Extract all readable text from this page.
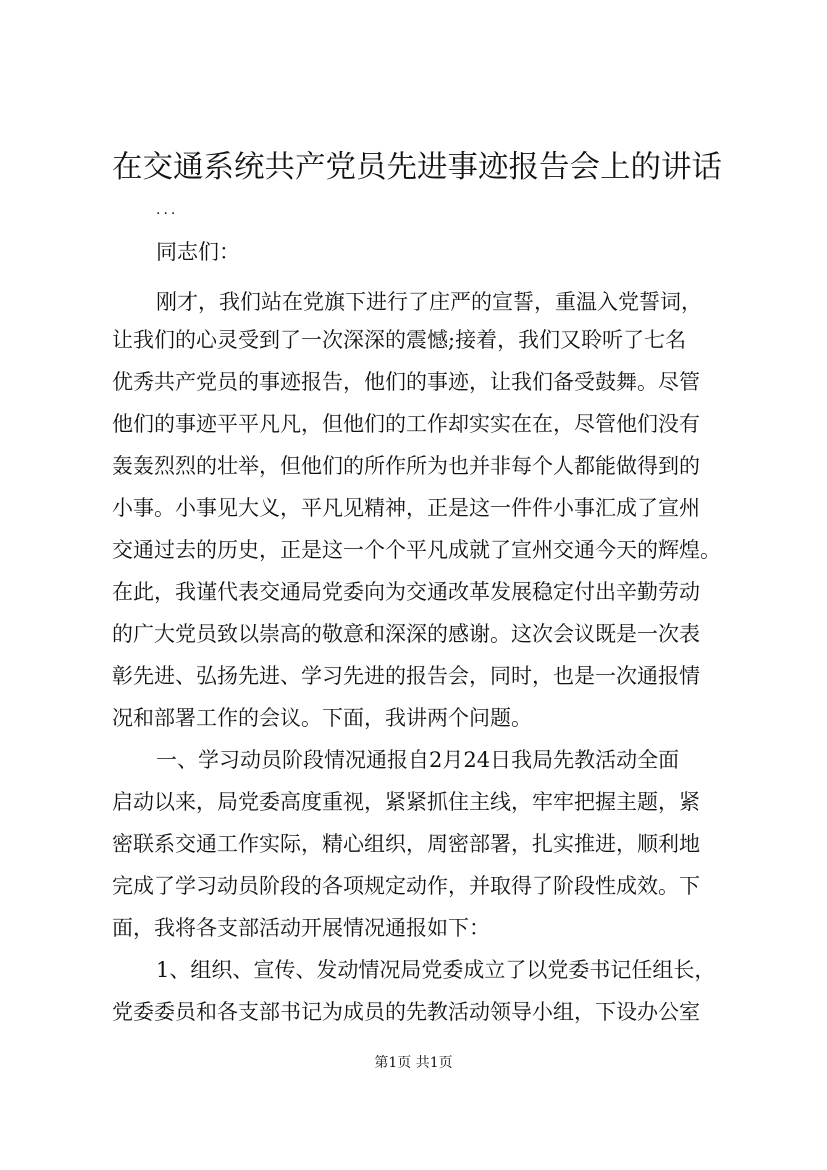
在交通系统共产党员先进事迹报告会上的讲话
...
同志们：
刚才，我们站在党旗下进行了庄严的宣誓，重温入党誓词，
让我们的心灵受到了一次深深的震憾;接着，我们又聆听了七名
优秀共产党员的事迹报告，他们的事迹，让我们备受鼓舞。尽管
他们的事迹平平凡凡，但他们的工作却实实在在，尽管他们没有
轰轰烈烈的壮举，但他们的所作所为也并非每个人都能做得到的
小事。小事见大义，平凡见精神，正是这一件件小事汇成了宣州
交通过去的历史，正是这一个个平凡成就了宣州交通今天的辉煌。
在此，我谨代表交通局党委向为交通改革发展稳定付出辛勤劳动
的广大党员致以崇高的敬意和深深的感谢。这次会议既是一次表
彰先进、弘扬先进、学习先进的报告会，同时，也是一次通报情
况和部署工作的会议。下面，我讲两个问题。
一、学习动员阶段情况通报自2月24日我局先教活动全面
启动以来，局党委高度重视，紧紧抓住主线，牢牢把握主题，紧
密联系交通工作实际，精心组织，周密部署，扎实推进，顺利地
完成了学习动员阶段的各项规定动作，并取得了阶段性成效。下
面，我将各支部活动开展情况通报如下：
1、组织、宣传、发动情况局党委成立了以党委书记任组长，
党委委员和各支部书记为成员的先教活动领导小组，下设办公室
第1页 共1页
